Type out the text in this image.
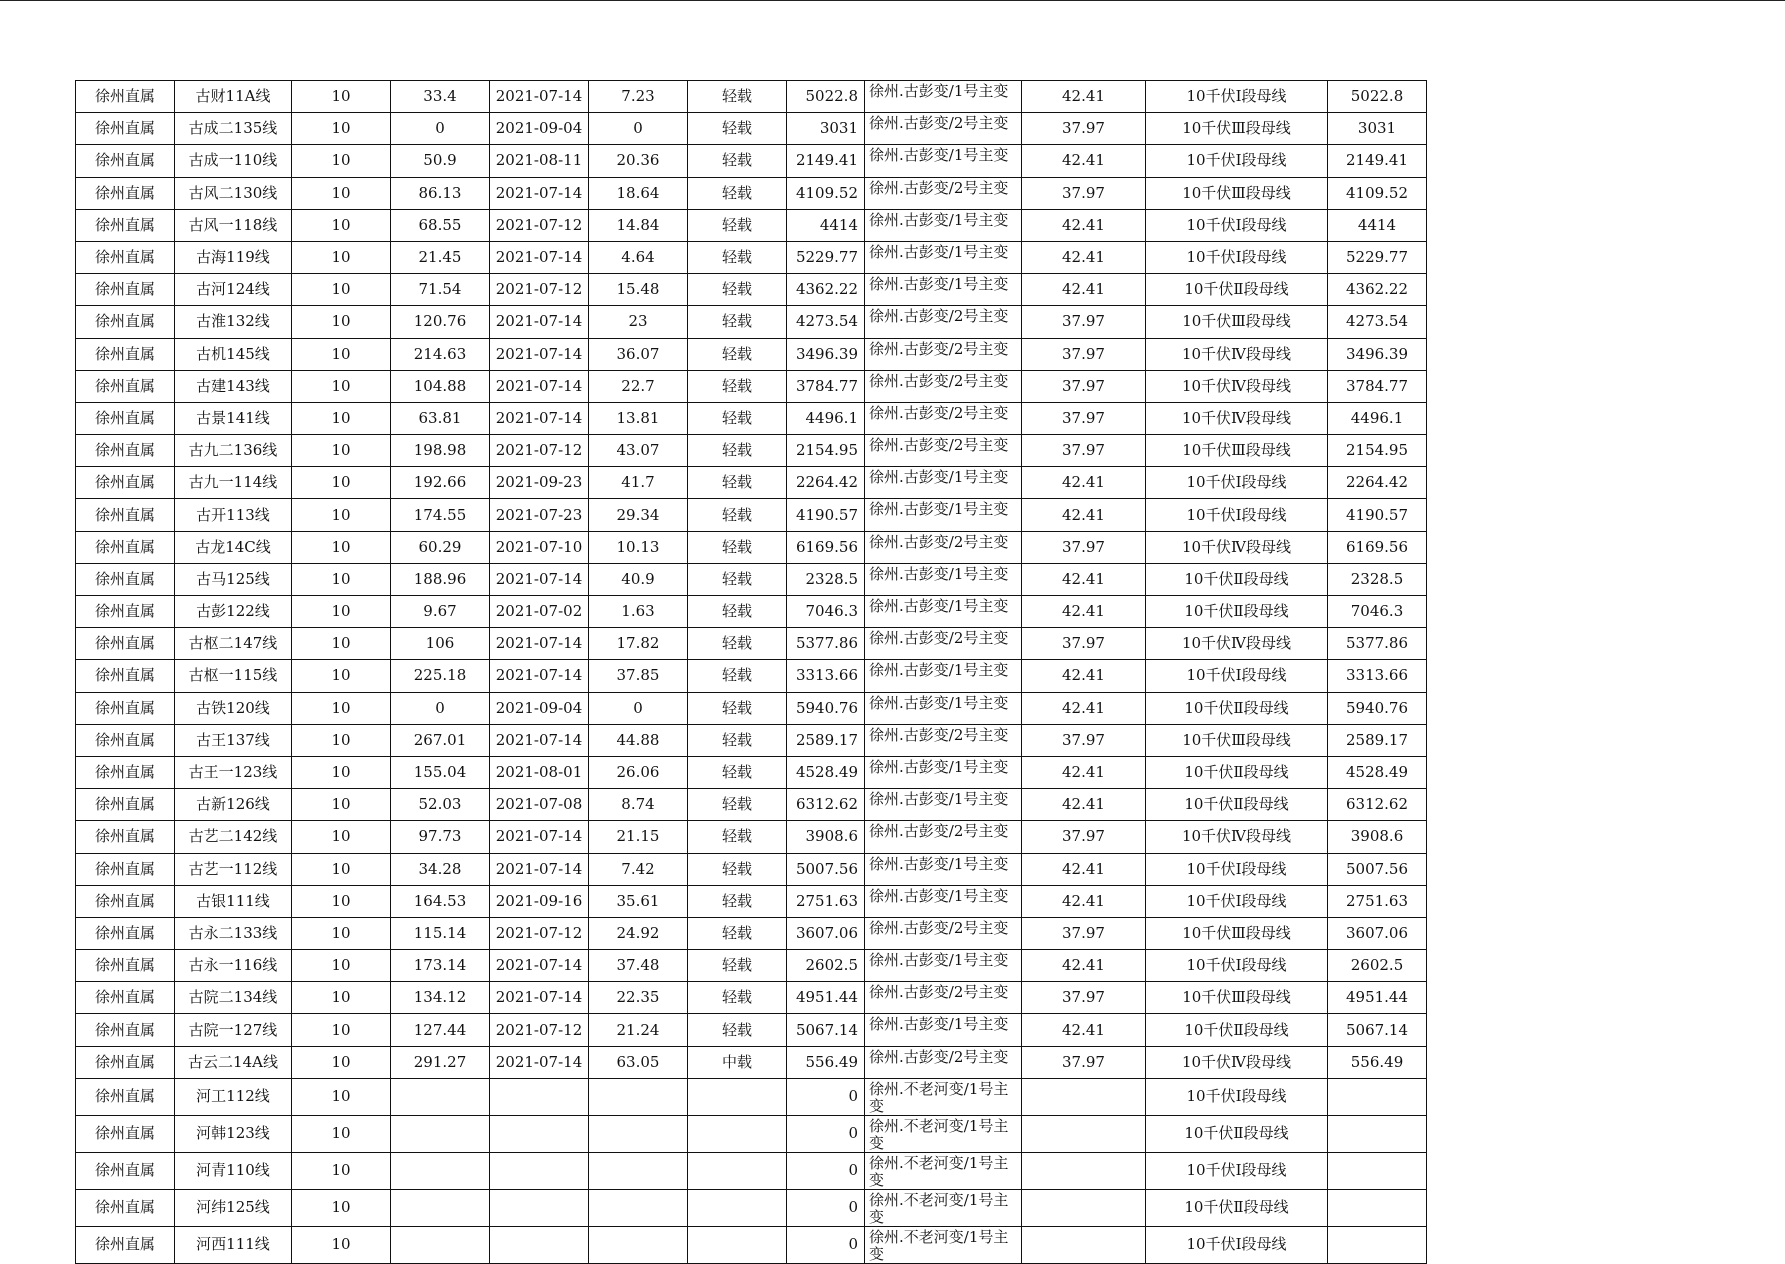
徐州直属	古财11A线	10	33.4	2021-07-14	7.23	轻载	5022.8	徐州.古彭变/1号主变	42.41	10千伏Ⅰ段母线	5022.8
徐州直属	古成二135线	10	0	2021-09-04	0	轻载	3031	徐州.古彭变/2号主变	37.97	10千伏Ⅲ段母线	3031
徐州直属	古成一110线	10	50.9	2021-08-11	20.36	轻载	2149.41	徐州.古彭变/1号主变	42.41	10千伏Ⅰ段母线	2149.41
徐州直属	古风二130线	10	86.13	2021-07-14	18.64	轻载	4109.52	徐州.古彭变/2号主变	37.97	10千伏Ⅲ段母线	4109.52
徐州直属	古风一118线	10	68.55	2021-07-12	14.84	轻载	4414	徐州.古彭变/1号主变	42.41	10千伏Ⅰ段母线	4414
徐州直属	古海119线	10	21.45	2021-07-14	4.64	轻载	5229.77	徐州.古彭变/1号主变	42.41	10千伏Ⅰ段母线	5229.77
徐州直属	古河124线	10	71.54	2021-07-12	15.48	轻载	4362.22	徐州.古彭变/1号主变	42.41	10千伏Ⅱ段母线	4362.22
徐州直属	古淮132线	10	120.76	2021-07-14	23	轻载	4273.54	徐州.古彭变/2号主变	37.97	10千伏Ⅲ段母线	4273.54
徐州直属	古机145线	10	214.63	2021-07-14	36.07	轻载	3496.39	徐州.古彭变/2号主变	37.97	10千伏Ⅳ段母线	3496.39
徐州直属	古建143线	10	104.88	2021-07-14	22.7	轻载	3784.77	徐州.古彭变/2号主变	37.97	10千伏Ⅳ段母线	3784.77
徐州直属	古景141线	10	63.81	2021-07-14	13.81	轻载	4496.1	徐州.古彭变/2号主变	37.97	10千伏Ⅳ段母线	4496.1
徐州直属	古九二136线	10	198.98	2021-07-12	43.07	轻载	2154.95	徐州.古彭变/2号主变	37.97	10千伏Ⅲ段母线	2154.95
徐州直属	古九一114线	10	192.66	2021-09-23	41.7	轻载	2264.42	徐州.古彭变/1号主变	42.41	10千伏Ⅰ段母线	2264.42
徐州直属	古开113线	10	174.55	2021-07-23	29.34	轻载	4190.57	徐州.古彭变/1号主变	42.41	10千伏Ⅰ段母线	4190.57
徐州直属	古龙14C线	10	60.29	2021-07-10	10.13	轻载	6169.56	徐州.古彭变/2号主变	37.97	10千伏Ⅳ段母线	6169.56
徐州直属	古马125线	10	188.96	2021-07-14	40.9	轻载	2328.5	徐州.古彭变/1号主变	42.41	10千伏Ⅱ段母线	2328.5
徐州直属	古彭122线	10	9.67	2021-07-02	1.63	轻载	7046.3	徐州.古彭变/1号主变	42.41	10千伏Ⅱ段母线	7046.3
徐州直属	古枢二147线	10	106	2021-07-14	17.82	轻载	5377.86	徐州.古彭变/2号主变	37.97	10千伏Ⅳ段母线	5377.86
徐州直属	古枢一115线	10	225.18	2021-07-14	37.85	轻载	3313.66	徐州.古彭变/1号主变	42.41	10千伏Ⅰ段母线	3313.66
徐州直属	古铁120线	10	0	2021-09-04	0	轻载	5940.76	徐州.古彭变/1号主变	42.41	10千伏Ⅱ段母线	5940.76
徐州直属	古王137线	10	267.01	2021-07-14	44.88	轻载	2589.17	徐州.古彭变/2号主变	37.97	10千伏Ⅲ段母线	2589.17
徐州直属	古王一123线	10	155.04	2021-08-01	26.06	轻载	4528.49	徐州.古彭变/1号主变	42.41	10千伏Ⅱ段母线	4528.49
徐州直属	古新126线	10	52.03	2021-07-08	8.74	轻载	6312.62	徐州.古彭变/1号主变	42.41	10千伏Ⅱ段母线	6312.62
徐州直属	古艺二142线	10	97.73	2021-07-14	21.15	轻载	3908.6	徐州.古彭变/2号主变	37.97	10千伏Ⅳ段母线	3908.6
徐州直属	古艺一112线	10	34.28	2021-07-14	7.42	轻载	5007.56	徐州.古彭变/1号主变	42.41	10千伏Ⅰ段母线	5007.56
徐州直属	古银111线	10	164.53	2021-09-16	35.61	轻载	2751.63	徐州.古彭变/1号主变	42.41	10千伏Ⅰ段母线	2751.63
徐州直属	古永二133线	10	115.14	2021-07-12	24.92	轻载	3607.06	徐州.古彭变/2号主变	37.97	10千伏Ⅲ段母线	3607.06
徐州直属	古永一116线	10	173.14	2021-07-14	37.48	轻载	2602.5	徐州.古彭变/1号主变	42.41	10千伏Ⅰ段母线	2602.5
徐州直属	古院二134线	10	134.12	2021-07-14	22.35	轻载	4951.44	徐州.古彭变/2号主变	37.97	10千伏Ⅲ段母线	4951.44
徐州直属	古院一127线	10	127.44	2021-07-12	21.24	轻载	5067.14	徐州.古彭变/1号主变	42.41	10千伏Ⅱ段母线	5067.14
徐州直属	古云二14A线	10	291.27	2021-07-14	63.05	中载	556.49	徐州.古彭变/2号主变	37.97	10千伏Ⅳ段母线	556.49
徐州直属	河工112线	10					0	徐州.不老河变/1号主变		10千伏Ⅰ段母线	
徐州直属	河韩123线	10					0	徐州.不老河变/1号主变		10千伏Ⅱ段母线	
徐州直属	河青110线	10					0	徐州.不老河变/1号主变		10千伏Ⅰ段母线	
徐州直属	河纬125线	10					0	徐州.不老河变/1号主变		10千伏Ⅱ段母线	
徐州直属	河西111线	10					0	徐州.不老河变/1号主变		10千伏Ⅰ段母线	
